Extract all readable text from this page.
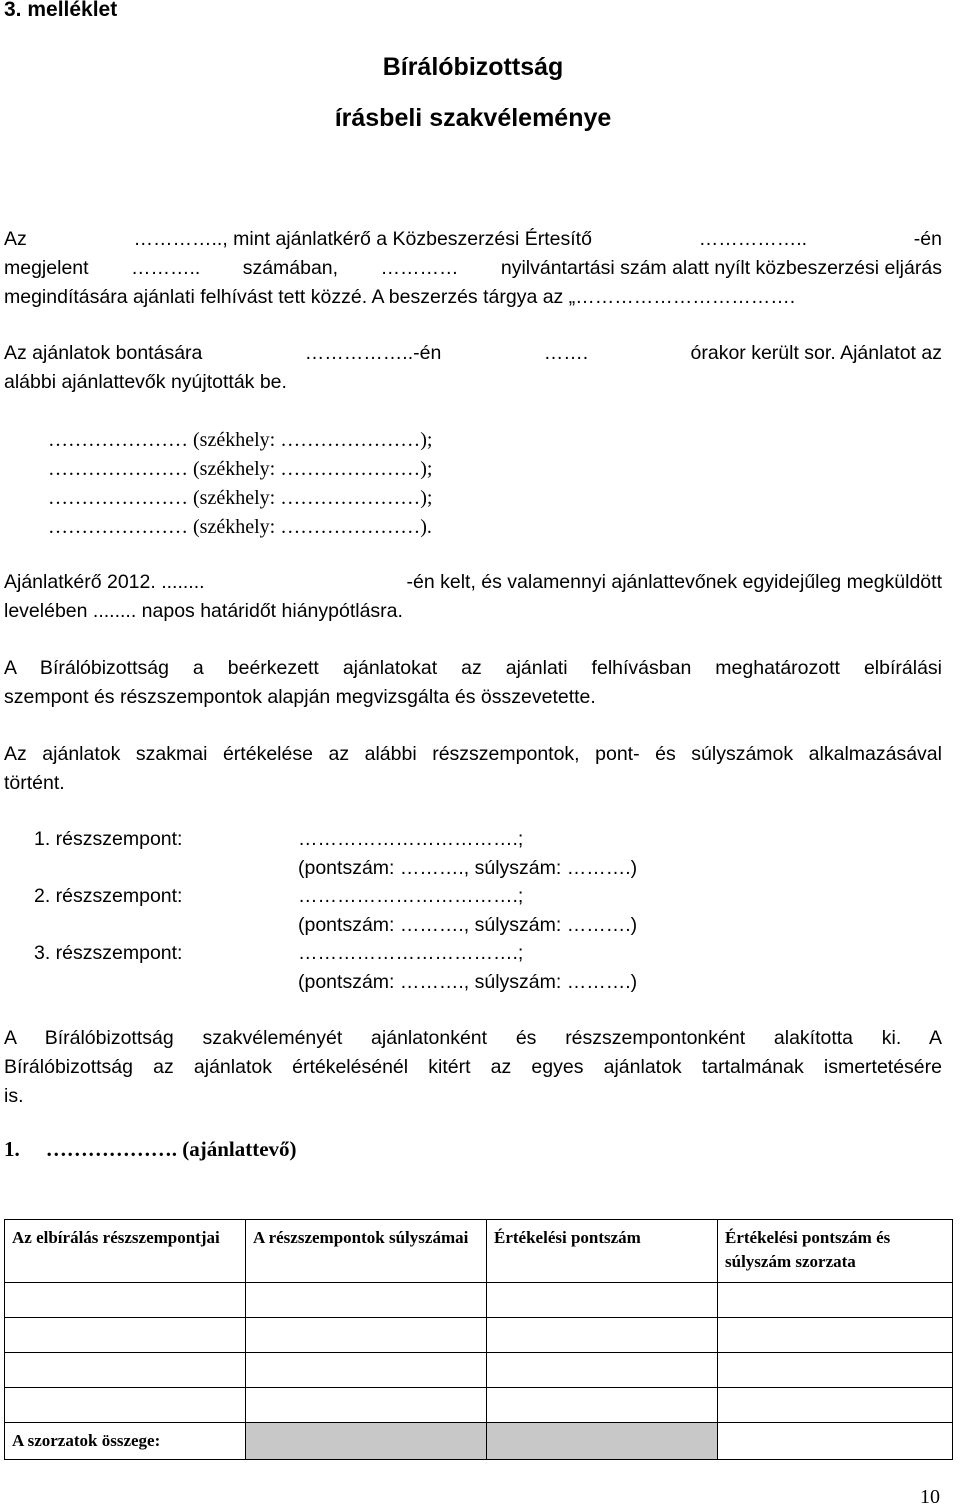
3. melléklet
Bírálóbizottság
írásbeli szakvéleménye
Az	………….., mint ajánlatkérő a Közbeszerzési Értesítő	……………..	-én
megjelent ……….. számában, ………… nyilvántartási szám alatt nyílt közbeszerzési eljárás
megindítására ajánlati felhívást tett közzé. A beszerzés tárgya az „…………………………….
Az ajánlatok bontására	……………..-én	…….	órakor került sor. Ajánlatot az
alábbi ajánlattevők nyújtották be.
………………… (székhely: …………………);
………………… (székhely: …………………);
………………… (székhely: …………………);
………………… (székhely: …………………).
Ajánlatkérő 2012. ........	-én kelt, és valamennyi ajánlattevőnek egyidejűleg megküldött
levelében ........ napos határidőt hiánypótlásra.
A Bírálóbizottság a beérkezett ajánlatokat az ajánlati felhívásban meghatározott elbírálási
szempont és részszempontok alapján megvizsgálta és összevetette.
Az ajánlatok szakmai értékelése az alábbi részszempontok, pont- és súlyszámok alkalmazásával
történt.
1. részszempont:	…………………………….;
(pontszám: ………., súlyszám: ……….)
2. részszempont:	…………………………….;
(pontszám: ………., súlyszám: ……….)
3. részszempont:	…………………………….;
(pontszám: ………., súlyszám: ……….)
A Bírálóbizottság szakvéleményét ajánlatonként és részszempontonként alakította ki. A
Bírálóbizottság az ajánlatok értékelésénél kitért az egyes ajánlatok tartalmának ismertetésére
is.
1. ………………. (ajánlattevő)
Az elbírálás részszempontjai	A részszempontok súlyszámai	Értékelési pontszám	Értékelési pontszám és súlyszám szorzata

A szorzatok összege:			
10
